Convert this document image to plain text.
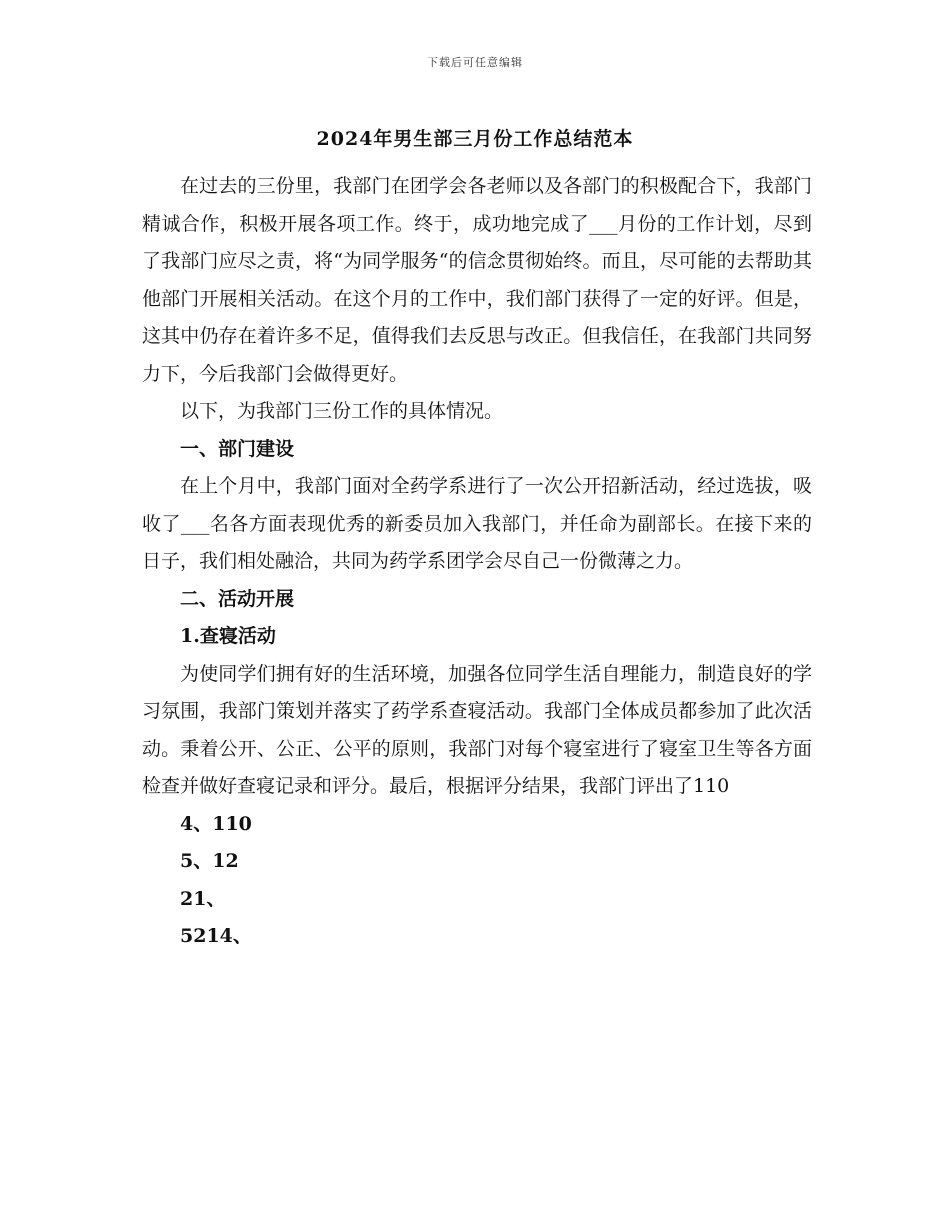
下载后可任意编辑
2024年男生部三月份工作总结范本

在过去的三份里，我部门在团学会各老师以及各部门的积极配合下，我部门精诚合作，积极开展各项工作。终于，成功地完成了___月份的工作计划，尽到了我部门应尽之责，将“为同学服务“的信念贯彻始终。而且，尽可能的去帮助其他部门开展相关活动。在这个月的工作中，我们部门获得了一定的好评。但是，这其中仍存在着许多不足，值得我们去反思与改正。但我信任，在我部门共同努力下，今后我部门会做得更好。

以下，为我部门三份工作的具体情况。

一、部门建设

在上个月中，我部门面对全药学系进行了一次公开招新活动，经过选拔，吸收了___名各方面表现优秀的新委员加入我部门，并任命为副部长。在接下来的日子，我们相处融洽，共同为药学系团学会尽自己一份微薄之力。

二、活动开展
1.查寝活动

为使同学们拥有好的生活环境，加强各位同学生活自理能力，制造良好的学习氛围，我部门策划并落实了药学系查寝活动。我部门全体成员都参加了此次活动。秉着公开、公正、公平的原则，我部门对每个寝室进行了寝室卫生等各方面检查并做好查寝记录和评分。最后，根据评分结果，我部门评出了110

4、110
5、12
21、
5214、
